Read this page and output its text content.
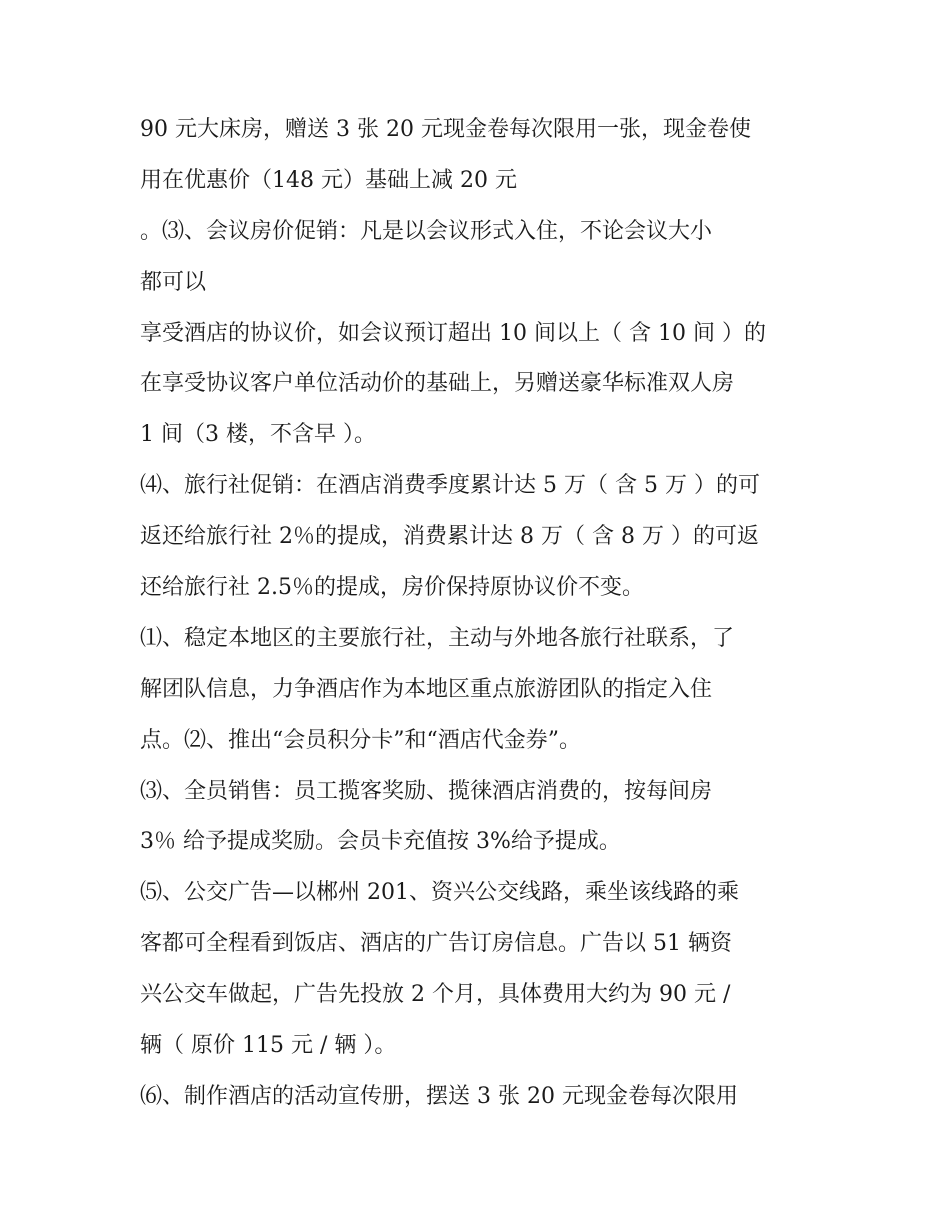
90 元大床房，赠送 3 张 20 元现金卷每次限用一张，现金卷使
用在优惠价（148 元）基础上减 20 元
。⑶、会议房价促销：凡是以会议形式入住，不论会议大小
都可以
享受酒店的协议价，如会议预订超出 10 间以上（ 含 10 间 ）的
在享受协议客户单位活动价的基础上，另赠送豪华标准双人房
1 间（3 楼，不含早 ）。
⑷、旅行社促销：在酒店消费季度累计达 5 万（ 含 5 万 ）的可
返还给旅行社 2％的提成，消费累计达 8 万（ 含 8 万 ）的可返
还给旅行社 2.5％的提成，房价保持原协议价不变。
⑴、稳定本地区的主要旅行社，主动与外地各旅行社联系，了
解团队信息，力争酒店作为本地区重点旅游团队的指定入住
点。⑵、推出“会员积分卡”和“酒店代金券”。
⑶、全员销售：员工揽客奖励、揽徕酒店消费的，按每间房
3％ 给予提成奖励。会员卡充值按 3%给予提成。
⑸、公交广告—以郴州 201、资兴公交线路，乘坐该线路的乘
客都可全程看到饭店、酒店的广告订房信息。广告以 51 辆资
兴公交车做起，广告先投放 2 个月，具体费用大约为 90 元 /
辆（ 原价 115 元 / 辆 ）。
⑹、制作酒店的活动宣传册，摆送 3 张 20 元现金卷每次限用
